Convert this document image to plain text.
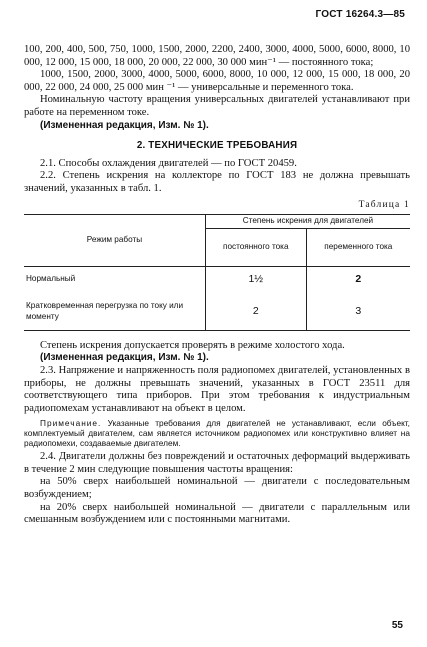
ГОСТ 16264.3—85

100, 200, 400, 500, 750, 1000, 1500, 2000, 2200, 2400, 3000, 4000, 5000, 6000, 8000, 10 000, 12 000, 15 000, 18 000, 20 000, 22 000, 30 000 мин⁻¹ — постоянного тока;

1000, 1500, 2000, 3000, 4000, 5000, 6000, 8000, 10 000, 12 000, 15 000, 18 000, 20 000, 22 000, 24 000, 25 000 мин ⁻¹ — универсальные и переменного тока.

Номинальную частоту вращения универсальных двигателей устанавливают при работе на переменном токе.

(Измененная редакция, Изм. № 1).

2. ТЕХНИЧЕСКИЕ ТРЕБОВАНИЯ

2.1. Способы охлаждения двигателей — по ГОСТ 20459.

2.2. Степень искрения на коллекторе по ГОСТ 183 не должна превышать значений, указанных в табл. 1.

Таблица 1
Режим работы	Степень искрения для двигателей	
	постоянного тока	переменного тока
Нормальный	1½	2
Кратковременная перегрузка по току или моменту	2	3

Степень искрения допускается проверять в режиме холостого хода.

(Измененная редакция, Изм. № 1).

2.3. Напряжение и напряженность поля радиопомех двигателей, установленных в приборы, не должны превышать значений, указанных в ГОСТ 23511 для соответствующего типа приборов. При этом требования к индустриальным радиопомехам устанавливают на объект в целом.

Примечание. Указанные требования для двигателей не устанавливают, если объект, комплектуемый двигателем, сам является источником радиопомех или конструктивно влияет на радиопомехи, создаваемые двигателем.

2.4. Двигатели должны без повреждений и остаточных деформаций выдерживать в течение 2 мин следующие повышения частоты вращения:

на 50% сверх наибольшей номинальной — двигатели с последовательным возбуждением;

на 20% сверх наибольшей номинальной — двигатели с параллельным или смешанным возбуждением или с постоянными магнитами.

55
